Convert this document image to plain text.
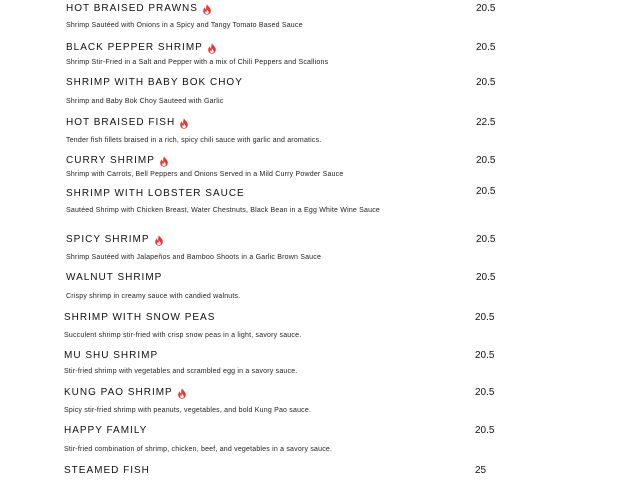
HOT BRAISED PRAWNS	20.5
Shrimp Sautéed with Onions in a Spicy and Tangy Tomato Based Sauce
BLACK PEPPER SHRIMP	20.5
Shrimp Stir-Fried in a Salt and Pepper with a mix of Chili Peppers and Scallions
SHRIMP WITH BABY BOK CHOY	20.5
Shrimp and Baby Bok Choy Sauteed with Garlic
HOT BRAISED FISH	22.5
Tender fish fillets braised in a rich, spicy chili sauce with garlic and aromatics.
CURRY SHRIMP	20.5
Shrimp with Carrots, Bell Peppers and Onions Served in a Mild Curry Powder Sauce
SHRIMP WITH LOBSTER SAUCE	20.5
Sautéed Shrimp with Chicken Breast, Water Chestnuts, Black Bean in a Egg White Wine Sauce
SPICY SHRIMP	20.5
Shrimp Sautéed with Jalapeños and Bamboo Shoots in a Garlic Brown Sauce
WALNUT SHRIMP	20.5
Crispy shrimp in creamy sauce with candied walnuts.
SHRIMP WITH SNOW PEAS	20.5
Succulent shrimp stir-fried with crisp snow peas in a light, savory sauce.
MU SHU SHRIMP	20.5
Stir-fried shrimp with vegetables and scrambled egg in a savory sauce.
KUNG PAO SHRIMP	20.5
Spicy stir-fried shrimp with peanuts, vegetables, and bold Kung Pao sauce.
HAPPY FAMILY	20.5
Stir-fried combination of shrimp, chicken, beef, and vegetables in a savory sauce.
STEAMED FISH	25
